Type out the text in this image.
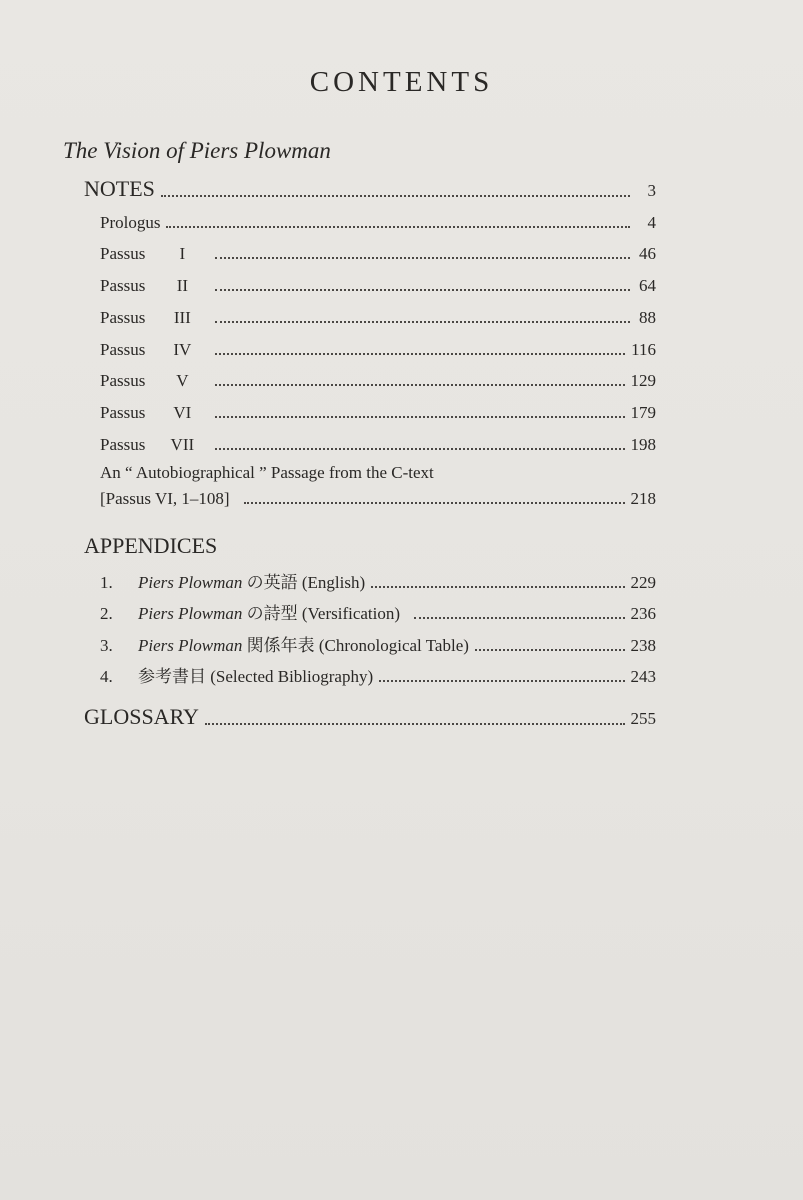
CONTENTS
The Vision of Piers Plowman
NOTES	3
Prologus	4
Passus I	46
Passus II	64
Passus III	88
Passus IV	116
Passus V	129
Passus VI	179
Passus VII	198
An “ Autobiographical ” Passage from the C-text
[Passus VI, 1–108]	218
APPENDICES
1. Piers Plowman の英語 (English)	229
2. Piers Plowman の詩型 (Versification)	236
3. Piers Plowman 関係年表 (Chronological Table)	238
4. 参考書目 (Selected Bibliography)	243
GLOSSARY	255
